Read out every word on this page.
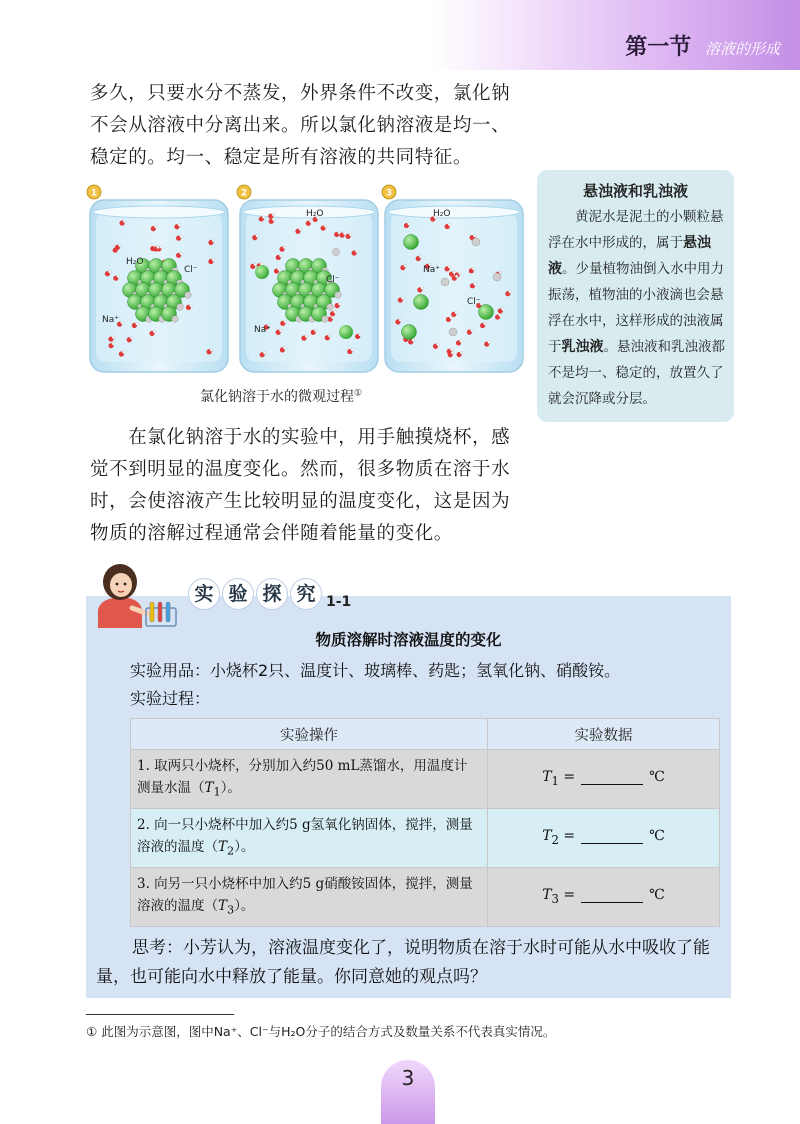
第一节 溶液的形成
多久，只要水分不蒸发，外界条件不改变，氯化钠不会从溶液中分离出来。所以氯化钠溶液是均一、稳定的。均一、稳定是所有溶液的共同特征。
1
H₂O
Cl⁻
Na⁺
2
H₂O
Cl⁻
Na⁺
3
H₂O
Na⁺
Cl⁻
氯化钠溶于水的微观过程①
悬浊液和乳浊液
　　黄泥水是泥土的小颗粒悬浮在水中形成的，属于悬浊液。少量植物油倒入水中用力振荡，植物油的小液滴也会悬浮在水中，这样形成的浊液属于乳浊液。悬浊液和乳浊液都不是均一、稳定的，放置久了就会沉降或分层。
　　在氯化钠溶于水的实验中，用手触摸烧杯，感觉不到明显的温度变化。然而，很多物质在溶于水时，会使溶液产生比较明显的温度变化，这是因为物质的溶解过程通常会伴随着能量的变化。
实 验 探 究 1-1
物质溶解时溶液温度的变化
实验用品：小烧杯2只、温度计、玻璃棒、药匙；氢氧化钠、硝酸铵。
实验过程：
实验操作	实验数据
1. 取两只小烧杯，分别加入约50 mL蒸馏水，用温度计测量水温$(T_1)$。	$T_1$ = ℃
2. 向一只小烧杯中加入约5 g氢氧化钠固体，搅拌，测量溶液的温度$(T_2)$。	$T_2$ = ℃
3. 向另一只小烧杯中加入约5 g硝酸铵固体，搅拌，测量溶液的温度$(T_3)$。	$T_3$ = ℃
思考：小芳认为，溶液温度变化了，说明物质在溶于水时可能从水中吸收了能量，也可能向水中释放了能量。你同意她的观点吗？
① 此图为示意图，图中Na⁺、Cl⁻与H₂O分子的结合方式及数量关系不代表真实情况。
3
